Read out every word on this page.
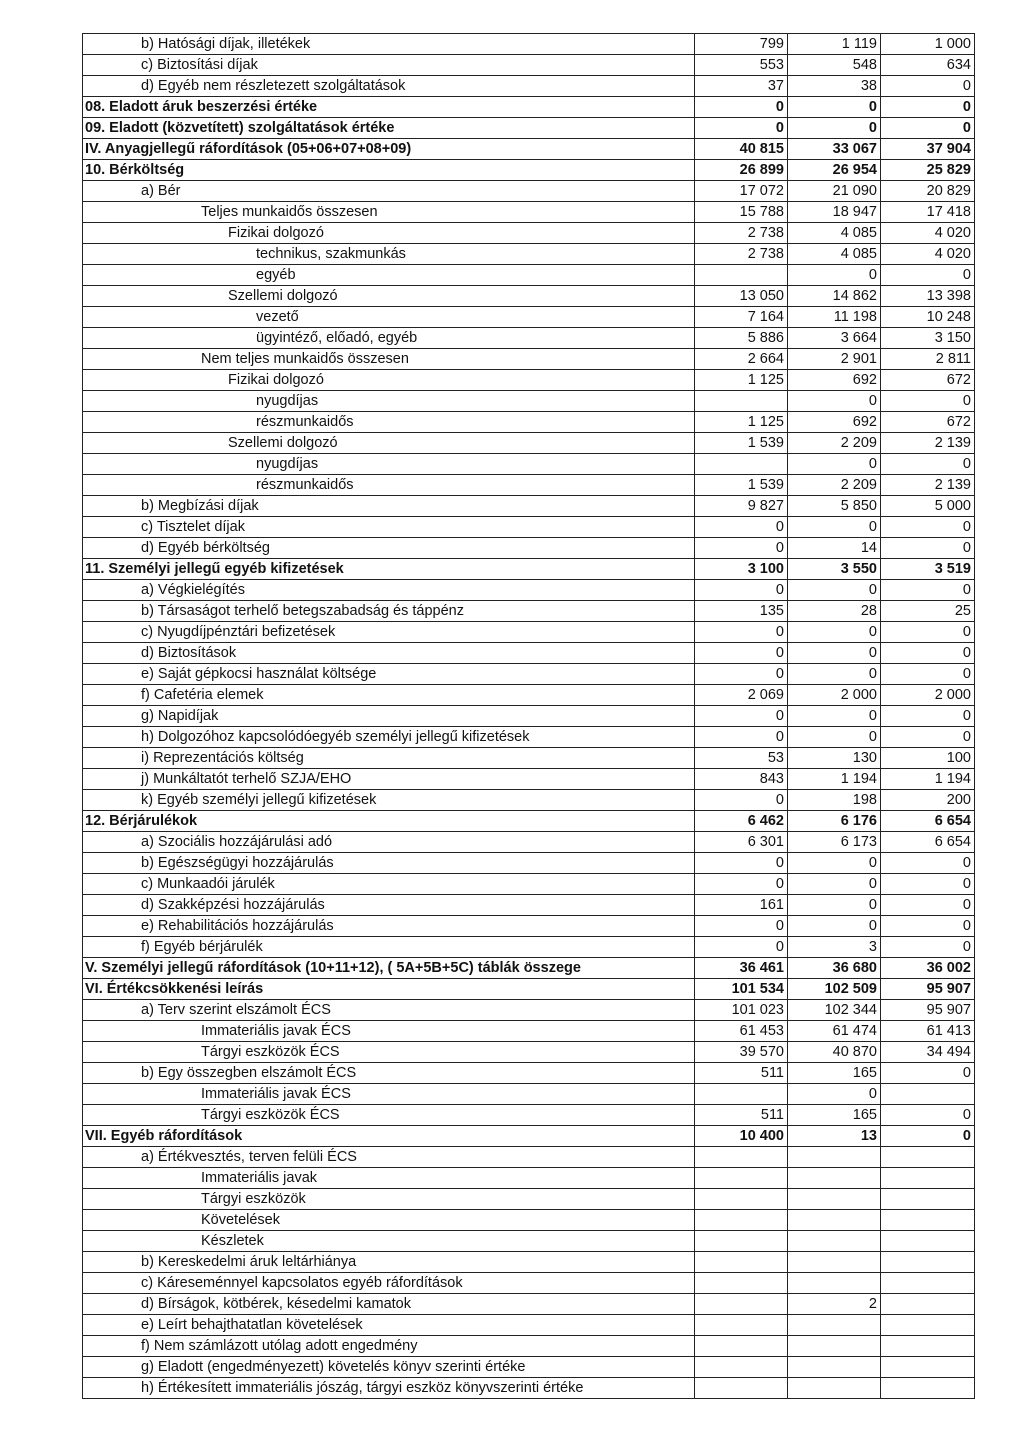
b) Hatósági díjak, illetékek	799	1 119	1 000
c) Biztosítási díjak	553	548	634
d) Egyéb nem részletezett szolgáltatások	37	38	0
08. Eladott áruk beszerzési értéke	0	0	0
09. Eladott (közvetített) szolgáltatások értéke	0	0	0
IV. Anyagjellegű ráfordítások (05+06+07+08+09)	40 815	33 067	37 904
10. Bérköltség	26 899	26 954	25 829
a) Bér	17 072	21 090	20 829
Teljes munkaidős összesen	15 788	18 947	17 418
Fizikai dolgozó	2 738	4 085	4 020
technikus, szakmunkás	2 738	4 085	4 020
egyéb		0	0
Szellemi dolgozó	13 050	14 862	13 398
vezető	7 164	11 198	10 248
ügyintéző, előadó, egyéb	5 886	3 664	3 150
Nem teljes munkaidős összesen	2 664	2 901	2 811
Fizikai dolgozó	1 125	692	672
nyugdíjas		0	0
részmunkaidős	1 125	692	672
Szellemi dolgozó	1 539	2 209	2 139
nyugdíjas		0	0
részmunkaidős	1 539	2 209	2 139
b) Megbízási díjak	9 827	5 850	5 000
c) Tisztelet díjak	0	0	0
d) Egyéb bérköltség	0	14	0
11. Személyi jellegű egyéb kifizetések	3 100	3 550	3 519
a) Végkielégítés	0	0	0
b) Társaságot terhelő betegszabadság és táppénz	135	28	25
c) Nyugdíjpénztári befizetések	0	0	0
d) Biztosítások	0	0	0
e) Saját gépkocsi használat költsége	0	0	0
f) Cafetéria elemek	2 069	2 000	2 000
g) Napidíjak	0	0	0
h) Dolgozóhoz kapcsolódóegyéb személyi jellegű kifizetések	0	0	0
i) Reprezentációs költség	53	130	100
j) Munkáltatót terhelő SZJA/EHO	843	1 194	1 194
k) Egyéb személyi jellegű kifizetések	0	198	200
12. Bérjárulékok	6 462	6 176	6 654
a) Szociális hozzájárulási adó	6 301	6 173	6 654
b) Egészségügyi hozzájárulás	0	0	0
c) Munkaadói járulék	0	0	0
d) Szakképzési hozzájárulás	161	0	0
e) Rehabilitációs hozzájárulás	0	0	0
f) Egyéb bérjárulék	0	3	0
V. Személyi jellegű ráfordítások (10+11+12), ( 5A+5B+5C) táblák összege	36 461	36 680	36 002
VI. Értékcsökkenési leírás	101 534	102 509	95 907
a) Terv szerint elszámolt ÉCS	101 023	102 344	95 907
Immateriális javak ÉCS	61 453	61 474	61 413
Tárgyi eszközök ÉCS	39 570	40 870	34 494
b) Egy összegben elszámolt ÉCS	511	165	0
Immateriális javak ÉCS		0	
Tárgyi eszközök ÉCS	511	165	0
VII. Egyéb ráfordítások	10 400	13	0
a) Értékvesztés, terven felüli ÉCS			
Immateriális javak			
Tárgyi eszközök			
Követelések			
Készletek			
b) Kereskedelmi áruk leltárhiánya			
c) Káreseménnyel kapcsolatos egyéb ráfordítások			
d) Bírságok, kötbérek, késedelmi kamatok		2	
e) Leírt behajthatatlan követelések			
f) Nem számlázott utólag adott engedmény			
g) Eladott (engedményezett) követelés könyv szerinti értéke			
h) Értékesített immateriális jószág, tárgyi eszköz könyvszerinti értéke			
